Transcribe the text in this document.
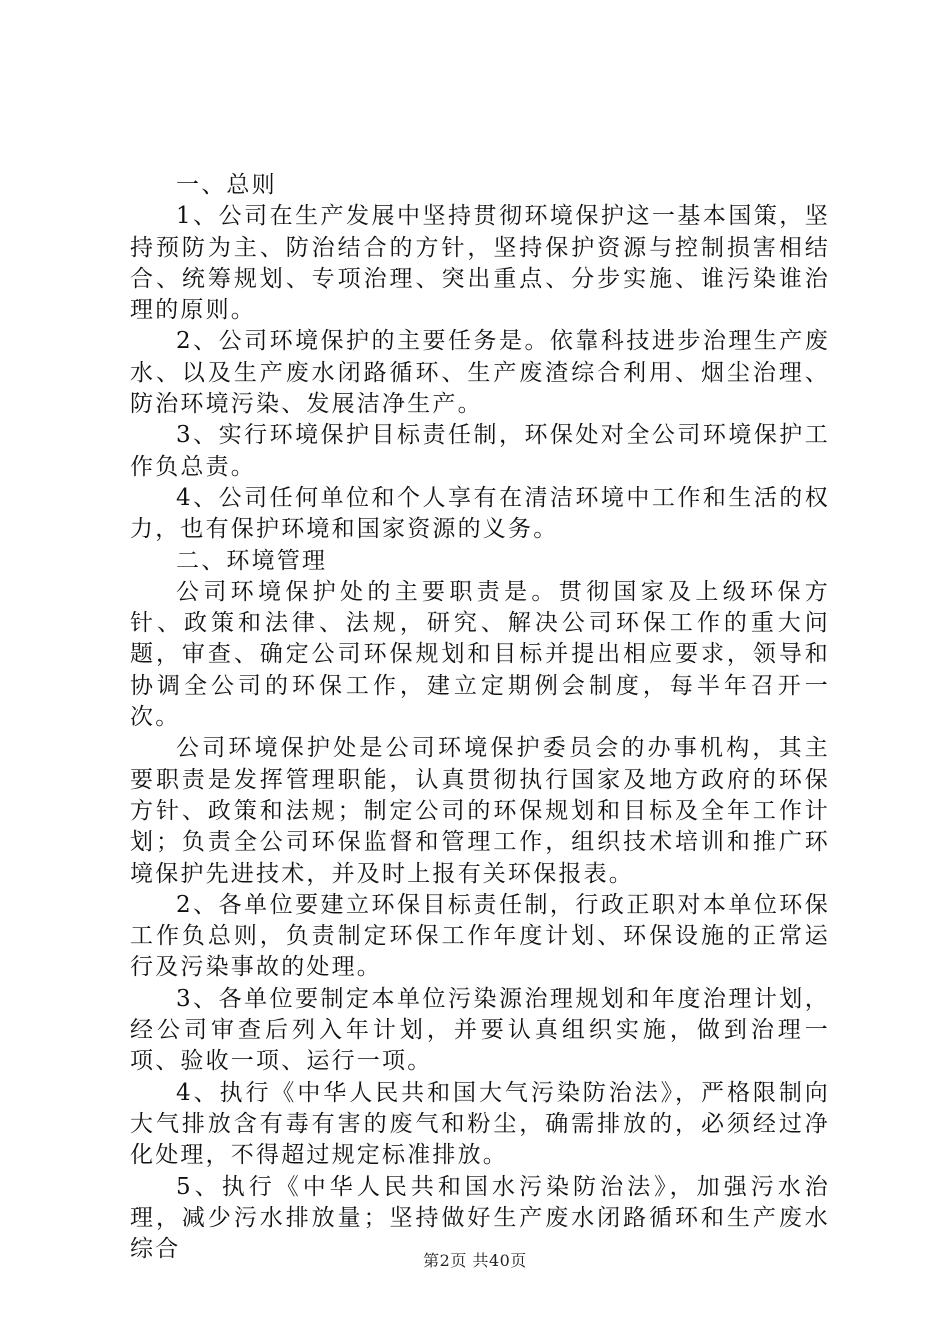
一、总则

1、公司在生产发展中坚持贯彻环境保护这一基本国策，坚持预防为主、防治结合的方针，坚持保护资源与控制损害相结合、统筹规划、专项治理、突出重点、分步实施、谁污染谁治理的原则。

2、公司环境保护的主要任务是。依靠科技进步治理生产废水、以及生产废水闭路循环、生产废渣综合利用、烟尘治理、防治环境污染、发展洁净生产。

3、实行环境保护目标责任制，环保处对全公司环境保护工作负总责。

4、公司任何单位和个人享有在清洁环境中工作和生活的权力，也有保护环境和国家资源的义务。

二、环境管理

公司环境保护处的主要职责是。贯彻国家及上级环保方针、政策和法律、法规，研究、解决公司环保工作的重大问题，审查、确定公司环保规划和目标并提出相应要求，领导和协调全公司的环保工作，建立定期例会制度，每半年召开一次。

公司环境保护处是公司环境保护委员会的办事机构，其主要职责是发挥管理职能，认真贯彻执行国家及地方政府的环保方针、政策和法规；制定公司的环保规划和目标及全年工作计划；负责全公司环保监督和管理工作，组织技术培训和推广环境保护先进技术，并及时上报有关环保报表。

2、各单位要建立环保目标责任制，行政正职对本单位环保工作负总则，负责制定环保工作年度计划、环保设施的正常运行及污染事故的处理。

3、各单位要制定本单位污染源治理规划和年度治理计划，经公司审查后列入年计划，并要认真组织实施，做到治理一项、验收一项、运行一项。

4、执行《中华人民共和国大气污染防治法》，严格限制向大气排放含有毒有害的废气和粉尘，确需排放的，必须经过净化处理，不得超过规定标准排放。

5、执行《中华人民共和国水污染防治法》，加强污水治理，减少污水排放量；坚持做好生产废水闭路循环和生产废水综合	第2页 共40页
